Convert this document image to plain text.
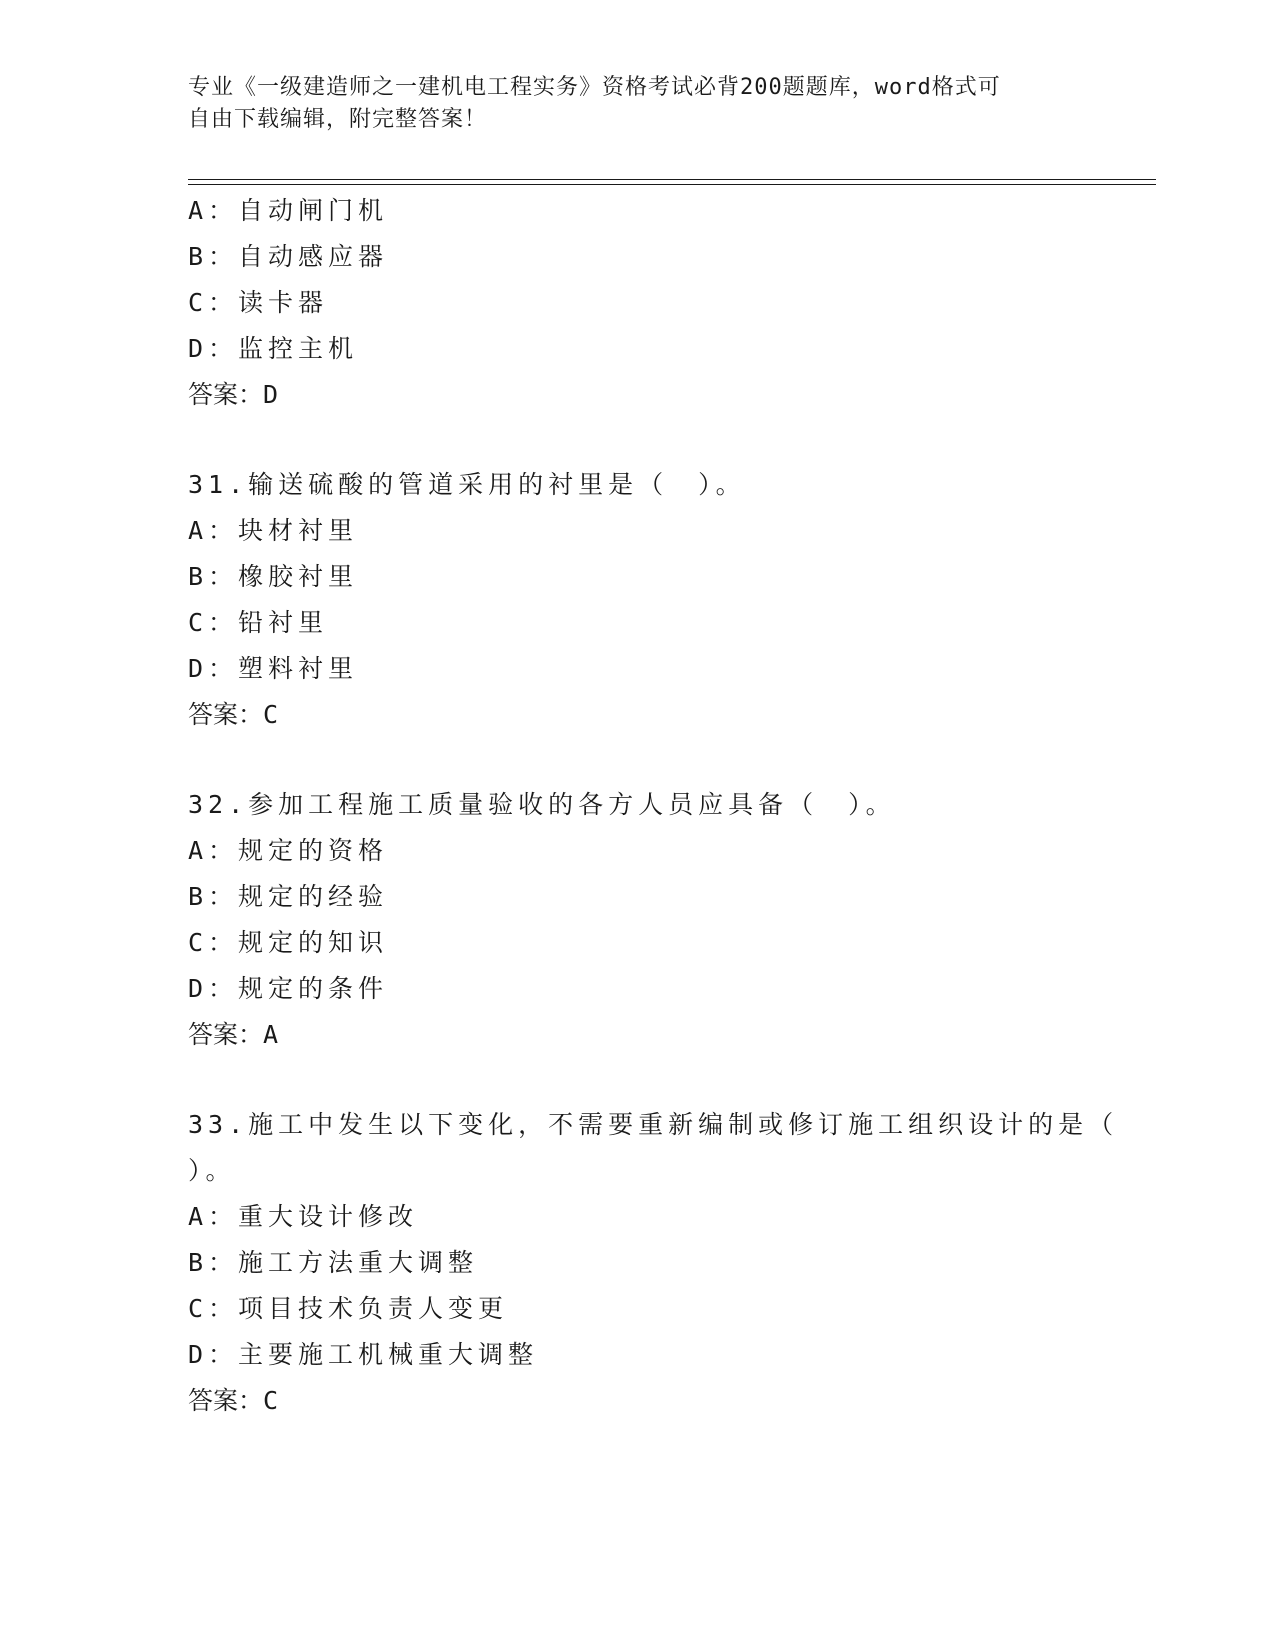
专业《一级建造师之一建机电工程实务》资格考试必背200题题库，word格式可
自由下载编辑，附完整答案！
A：自动闸门机
B：自动感应器
C：读卡器
D：监控主机
答案：D
31.输送硫酸的管道采用的衬里是（　）。
A：块材衬里
B：橡胶衬里
C：铅衬里
D：塑料衬里
答案：C
32.参加工程施工质量验收的各方人员应具备（　）。
A：规定的资格
B：规定的经验
C：规定的知识
D：规定的条件
答案：A
33.施工中发生以下变化，不需要重新编制或修订施工组织设计的是（
）。
A：重大设计修改
B：施工方法重大调整
C：项目技术负责人变更
D：主要施工机械重大调整
答案：C
